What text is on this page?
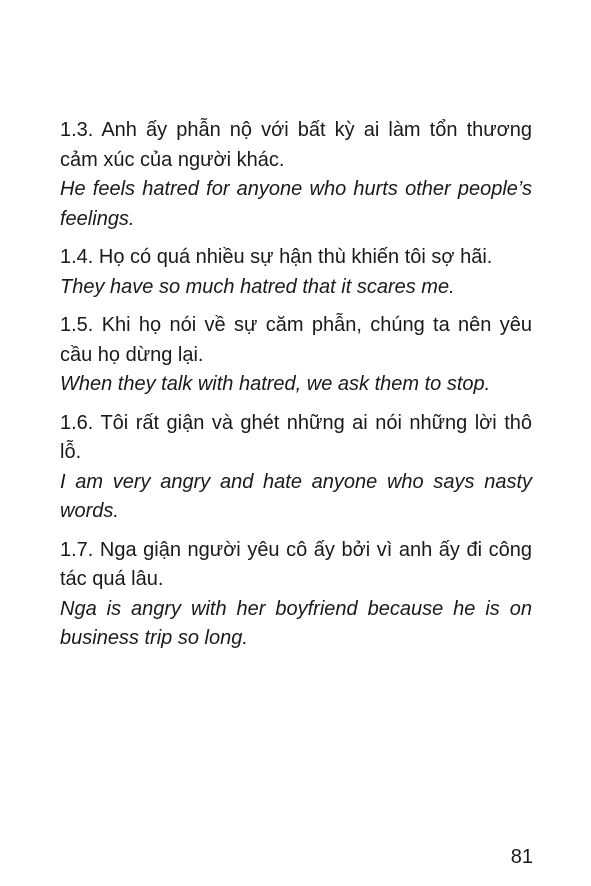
1.3. Anh ấy phẫn nộ với bất kỳ ai làm tổn thương cảm xúc của người khác.
He feels hatred for anyone who hurts other people’s feelings.
1.4. Họ có quá nhiều sự hận thù khiến tôi sợ hãi.
They have so much hatred that it scares me.
1.5. Khi họ nói về sự căm phẫn, chúng ta nên yêu cầu họ dừng lại.
When they talk with hatred, we ask them to stop.
1.6. Tôi rất giận và ghét những ai nói những lời thô lỗ.
I am very angry and hate anyone who says nasty words.
1.7. Nga giận người yêu cô ấy bởi vì anh ấy đi công tác quá lâu.
Nga is angry with her boyfriend because he is on business trip so long.
81
